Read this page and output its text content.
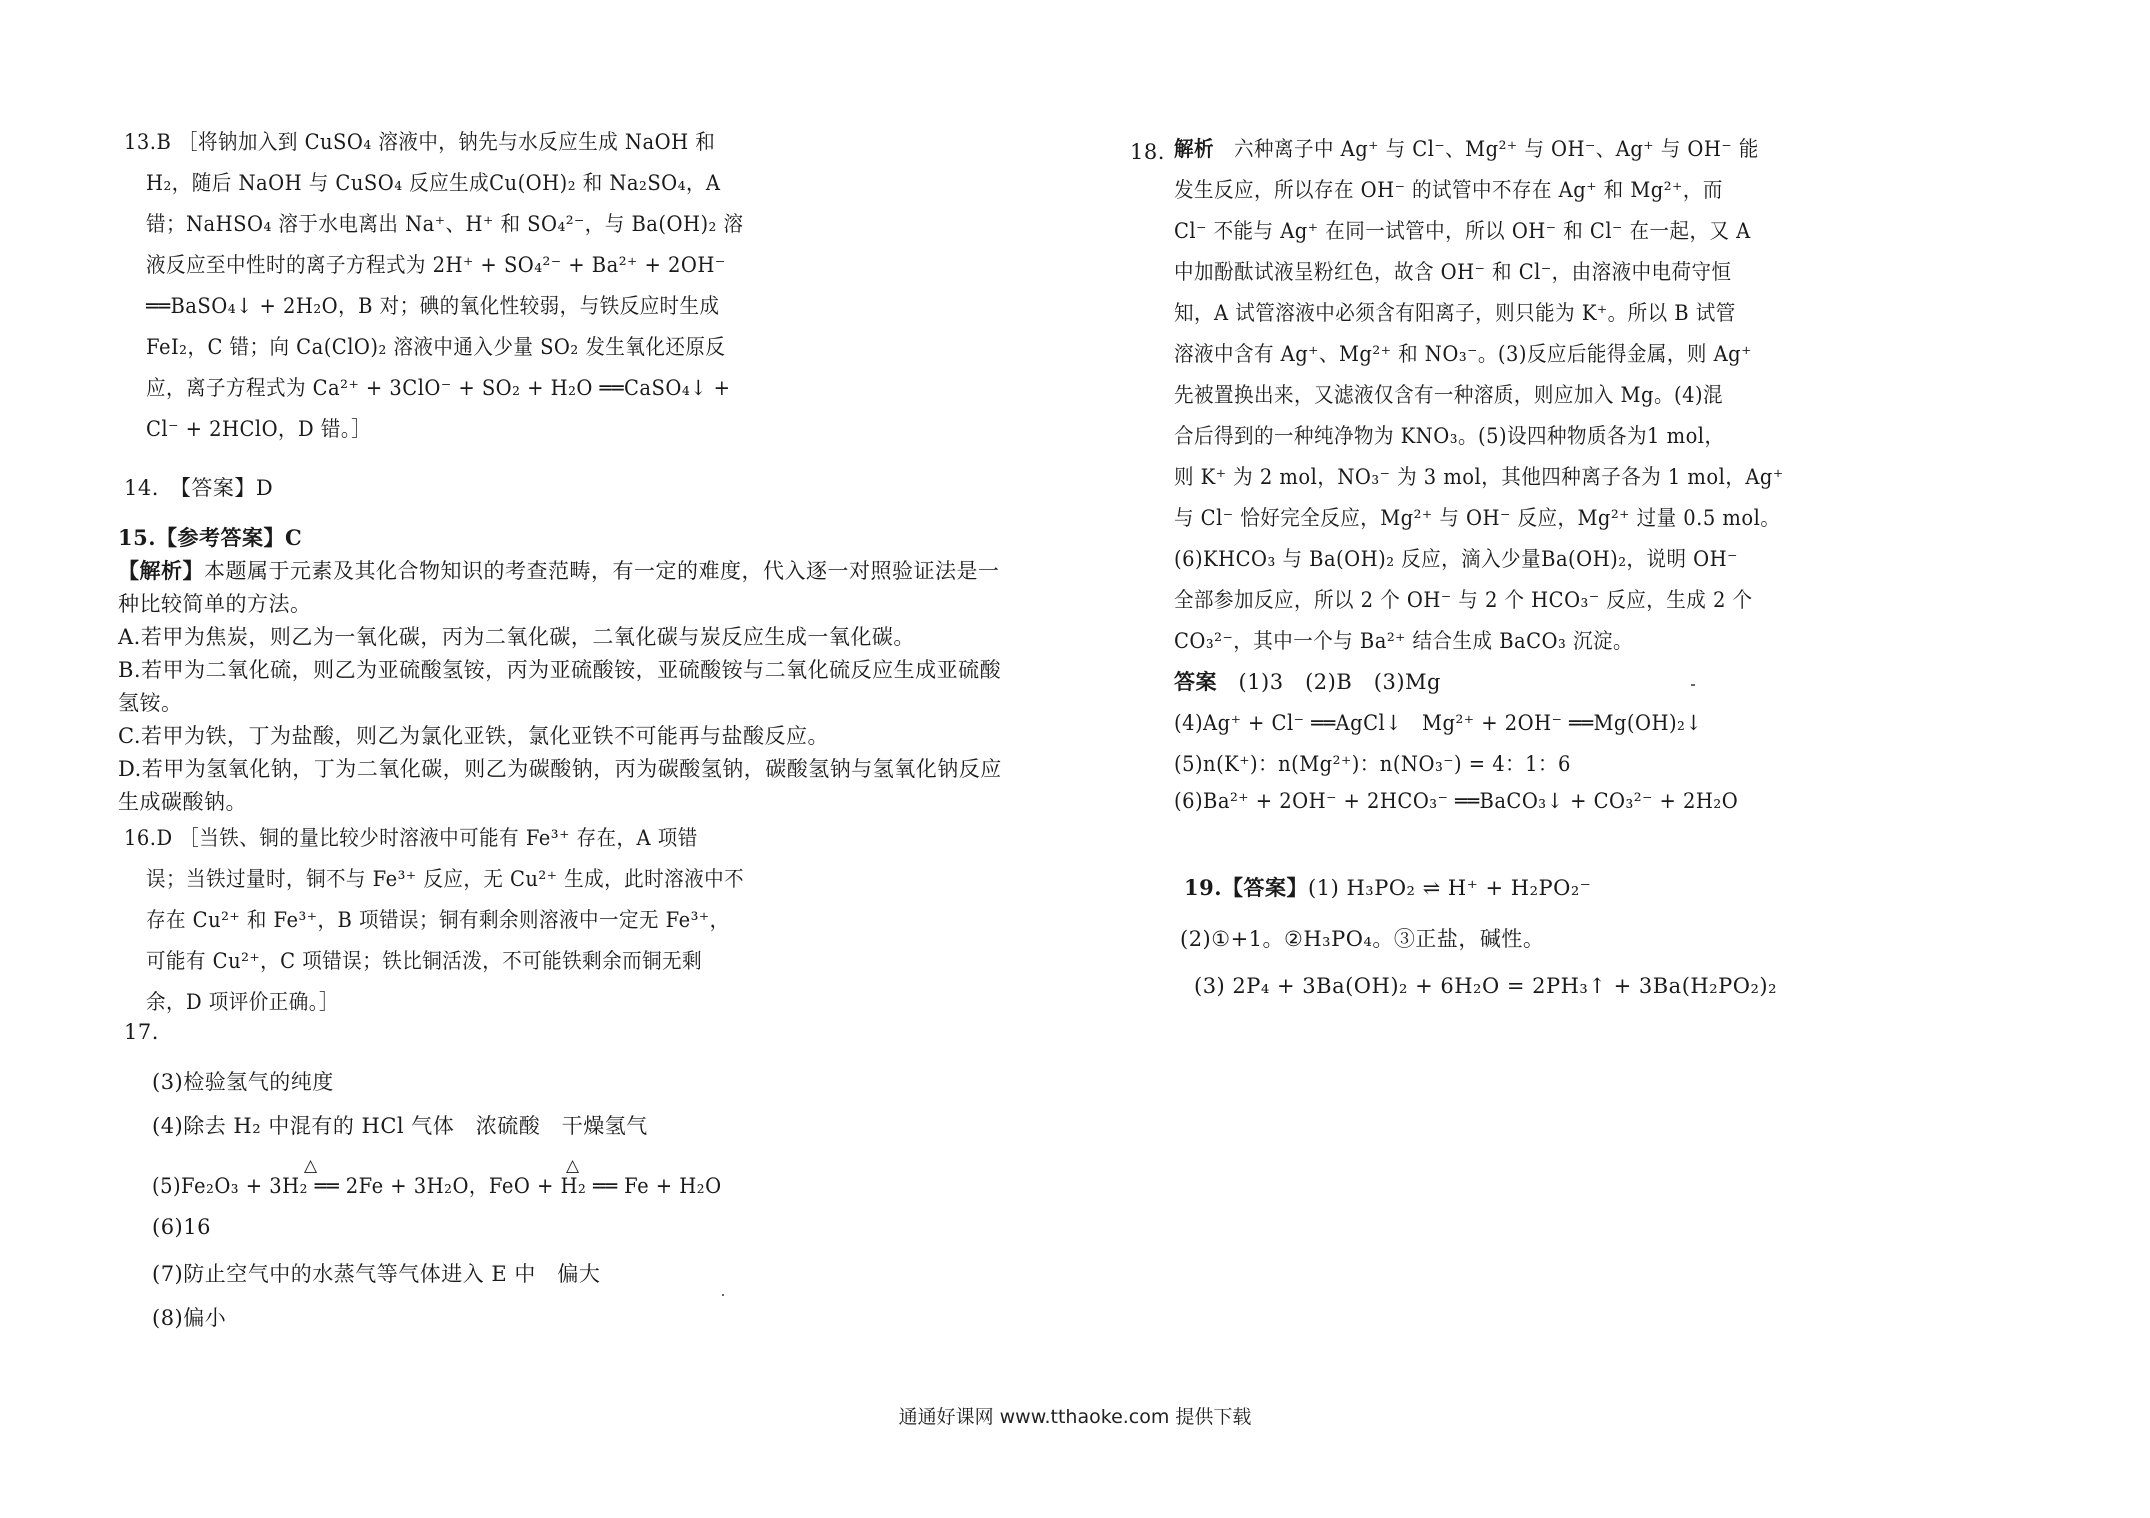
13.B ［将钠加入到 CuSO₄ 溶液中，钠先与水反应生成 NaOH 和
H₂，随后 NaOH 与 CuSO₄ 反应生成Cu(OH)₂ 和 Na₂SO₄，A
错；NaHSO₄ 溶于水电离出 Na⁺、H⁺ 和 SO₄²⁻，与 Ba(OH)₂ 溶
液反应至中性时的离子方程式为 2H⁺ + SO₄²⁻ + Ba²⁺ + 2OH⁻
══BaSO₄↓ + 2H₂O，B 对；碘的氧化性较弱，与铁反应时生成
FeI₂，C 错；向 Ca(ClO)₂ 溶液中通入少量 SO₂ 发生氧化还原反
应，离子方程式为 Ca²⁺ + 3ClO⁻ + SO₂ + H₂O ══CaSO₄↓ +
Cl⁻ + 2HClO，D 错。］
14.　【答案】D
15.【参考答案】C
【解析】本题属于元素及其化合物知识的考查范畴，有一定的难度，代入逐一对照验证法是一
种比较简单的方法。
A.若甲为焦炭，则乙为一氧化碳，丙为二氧化碳，二氧化碳与炭反应生成一氧化碳。
B.若甲为二氧化硫，则乙为亚硫酸氢铵，丙为亚硫酸铵，亚硫酸铵与二氧化硫反应生成亚硫酸
氢铵。
C.若甲为铁，丁为盐酸，则乙为氯化亚铁，氯化亚铁不可能再与盐酸反应。
D.若甲为氢氧化钠，丁为二氧化碳，则乙为碳酸钠，丙为碳酸氢钠，碳酸氢钠与氢氧化钠反应
生成碳酸钠。
16.D ［当铁、铜的量比较少时溶液中可能有 Fe³⁺ 存在，A 项错
误；当铁过量时，铜不与 Fe³⁺ 反应，无 Cu²⁺ 生成，此时溶液中不
存在 Cu²⁺ 和 Fe³⁺，B 项错误；铜有剩余则溶液中一定无 Fe³⁺，
可能有 Cu²⁺，C 项错误；铁比铜活泼，不可能铁剩余而铜无剩
余，D 项评价正确。］
17.
(3)检验氢气的纯度
(4)除去 H₂ 中混有的 HCl 气体　浓硫酸　干燥氢气
△	△
(5)Fe₂O₃ + 3H₂ ══ 2Fe + 3H₂O，FeO + H₂ ══ Fe + H₂O
(6)16
(7)防止空气中的水蒸气等气体进入 E 中　偏大
(8)偏小
18. 解析　 六种离子中 Ag⁺ 与 Cl⁻、Mg²⁺ 与 OH⁻、Ag⁺ 与 OH⁻ 能
发生反应，所以存在 OH⁻ 的试管中不存在 Ag⁺ 和 Mg²⁺，而
Cl⁻ 不能与 Ag⁺ 在同一试管中，所以 OH⁻ 和 Cl⁻ 在一起，又 A
中加酚酞试液呈粉红色，故含 OH⁻ 和 Cl⁻，由溶液中电荷守恒
知，A 试管溶液中必须含有阳离子，则只能为 K⁺。所以 B 试管
溶液中含有 Ag⁺、Mg²⁺ 和 NO₃⁻。(3)反应后能得金属，则 Ag⁺
先被置换出来，又滤液仅含有一种溶质，则应加入 Mg。(4)混
合后得到的一种纯净物为 KNO₃。(5)设四种物质各为1 mol，
则 K⁺ 为 2 mol，NO₃⁻ 为 3 mol，其他四种离子各为 1 mol，Ag⁺
与 Cl⁻ 恰好完全反应，Mg²⁺ 与 OH⁻ 反应，Mg²⁺ 过量 0.5 mol。
(6)KHCO₃ 与 Ba(OH)₂ 反应，滴入少量Ba(OH)₂，说明 OH⁻
全部参加反应，所以 2 个 OH⁻ 与 2 个 HCO₃⁻ 反应，生成 2 个
CO₃²⁻，其中一个与 Ba²⁺ 结合生成 BaCO₃ 沉淀。
答案　 (1)3　(2)B　(3)Mg
(4)Ag⁺ + Cl⁻ ══AgCl↓　Mg²⁺ + 2OH⁻ ══Mg(OH)₂↓
(5)n(K⁺)：n(Mg²⁺)：n(NO₃⁻) = 4：1：6
(6)Ba²⁺ + 2OH⁻ + 2HCO₃⁻ ══BaCO₃↓ + CO₃²⁻ + 2H₂O
19.【答案】(1) H₃PO₂ ⇌ H⁺ + H₂PO₂⁻
(2)①+1。②H₃PO₄。③正盐，碱性。
(3) 2P₄ + 3Ba(OH)₂ + 6H₂O = 2PH₃↑ + 3Ba(H₂PO₂)₂
通通好课网 www.tthaoke.com 提供下载
